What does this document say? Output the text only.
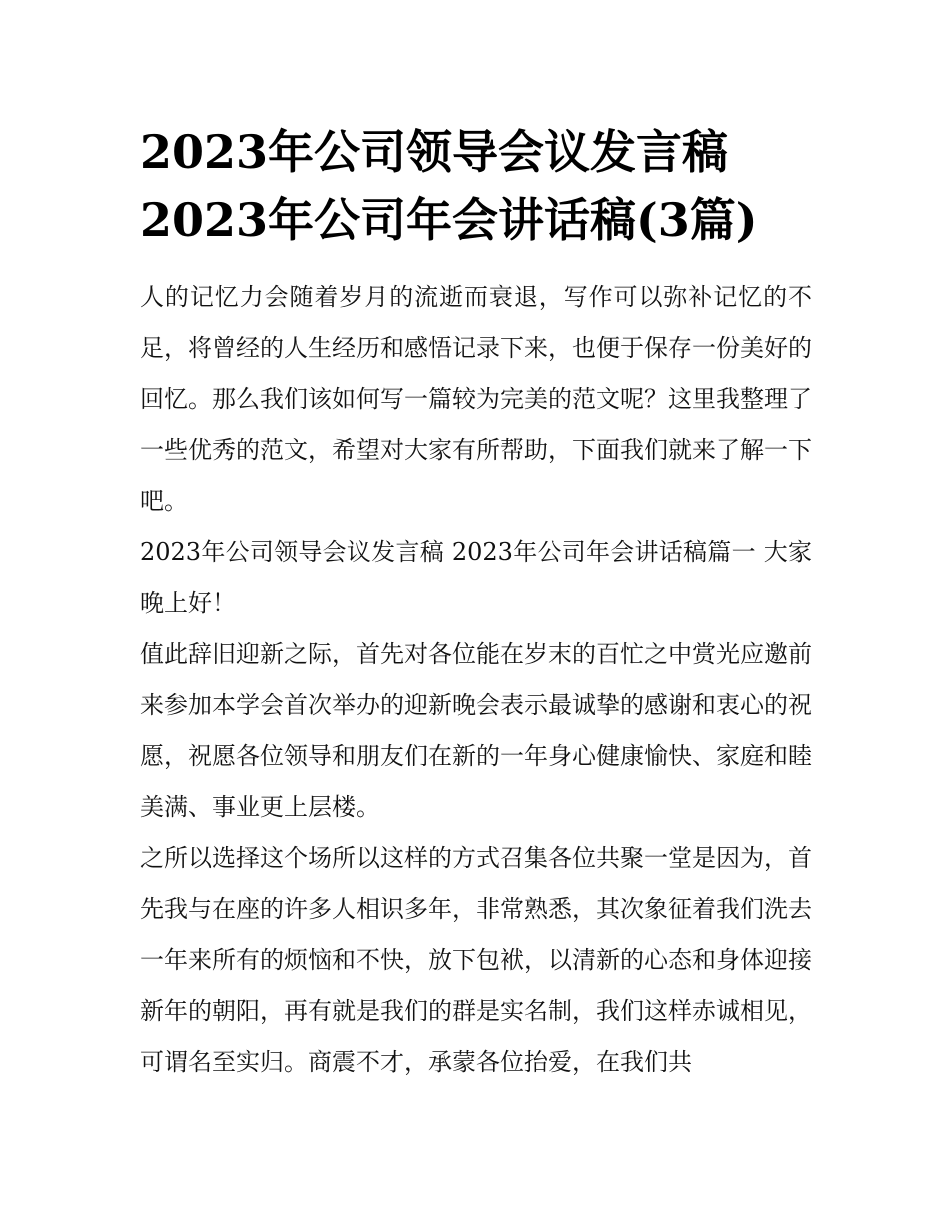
2023年公司领导会议发言稿
2023年公司年会讲话稿(3篇)

人的记忆力会随着岁月的流逝而衰退，写作可以弥补记忆的不足，将曾经的人生经历和感悟记录下来，也便于保存一份美好的回忆。那么我们该如何写一篇较为完美的范文呢？这里我整理了一些优秀的范文，希望对大家有所帮助，下面我们就来了解一下吧。

2023年公司领导会议发言稿 2023年公司年会讲话稿篇一 大家晚上好！

值此辞旧迎新之际，首先对各位能在岁末的百忙之中赏光应邀前来参加本学会首次举办的迎新晚会表示最诚挚的感谢和衷心的祝愿，祝愿各位领导和朋友们在新的一年身心健康愉快、家庭和睦美满、事业更上层楼。

之所以选择这个场所以这样的方式召集各位共聚一堂是因为，首先我与在座的许多人相识多年，非常熟悉，其次象征着我们洗去一年来所有的烦恼和不快，放下包袱，以清新的心态和身体迎接新年的朝阳，再有就是我们的群是实名制，我们这样赤诚相见，可谓名至实归。商震不才，承蒙各位抬爱，在我们共
